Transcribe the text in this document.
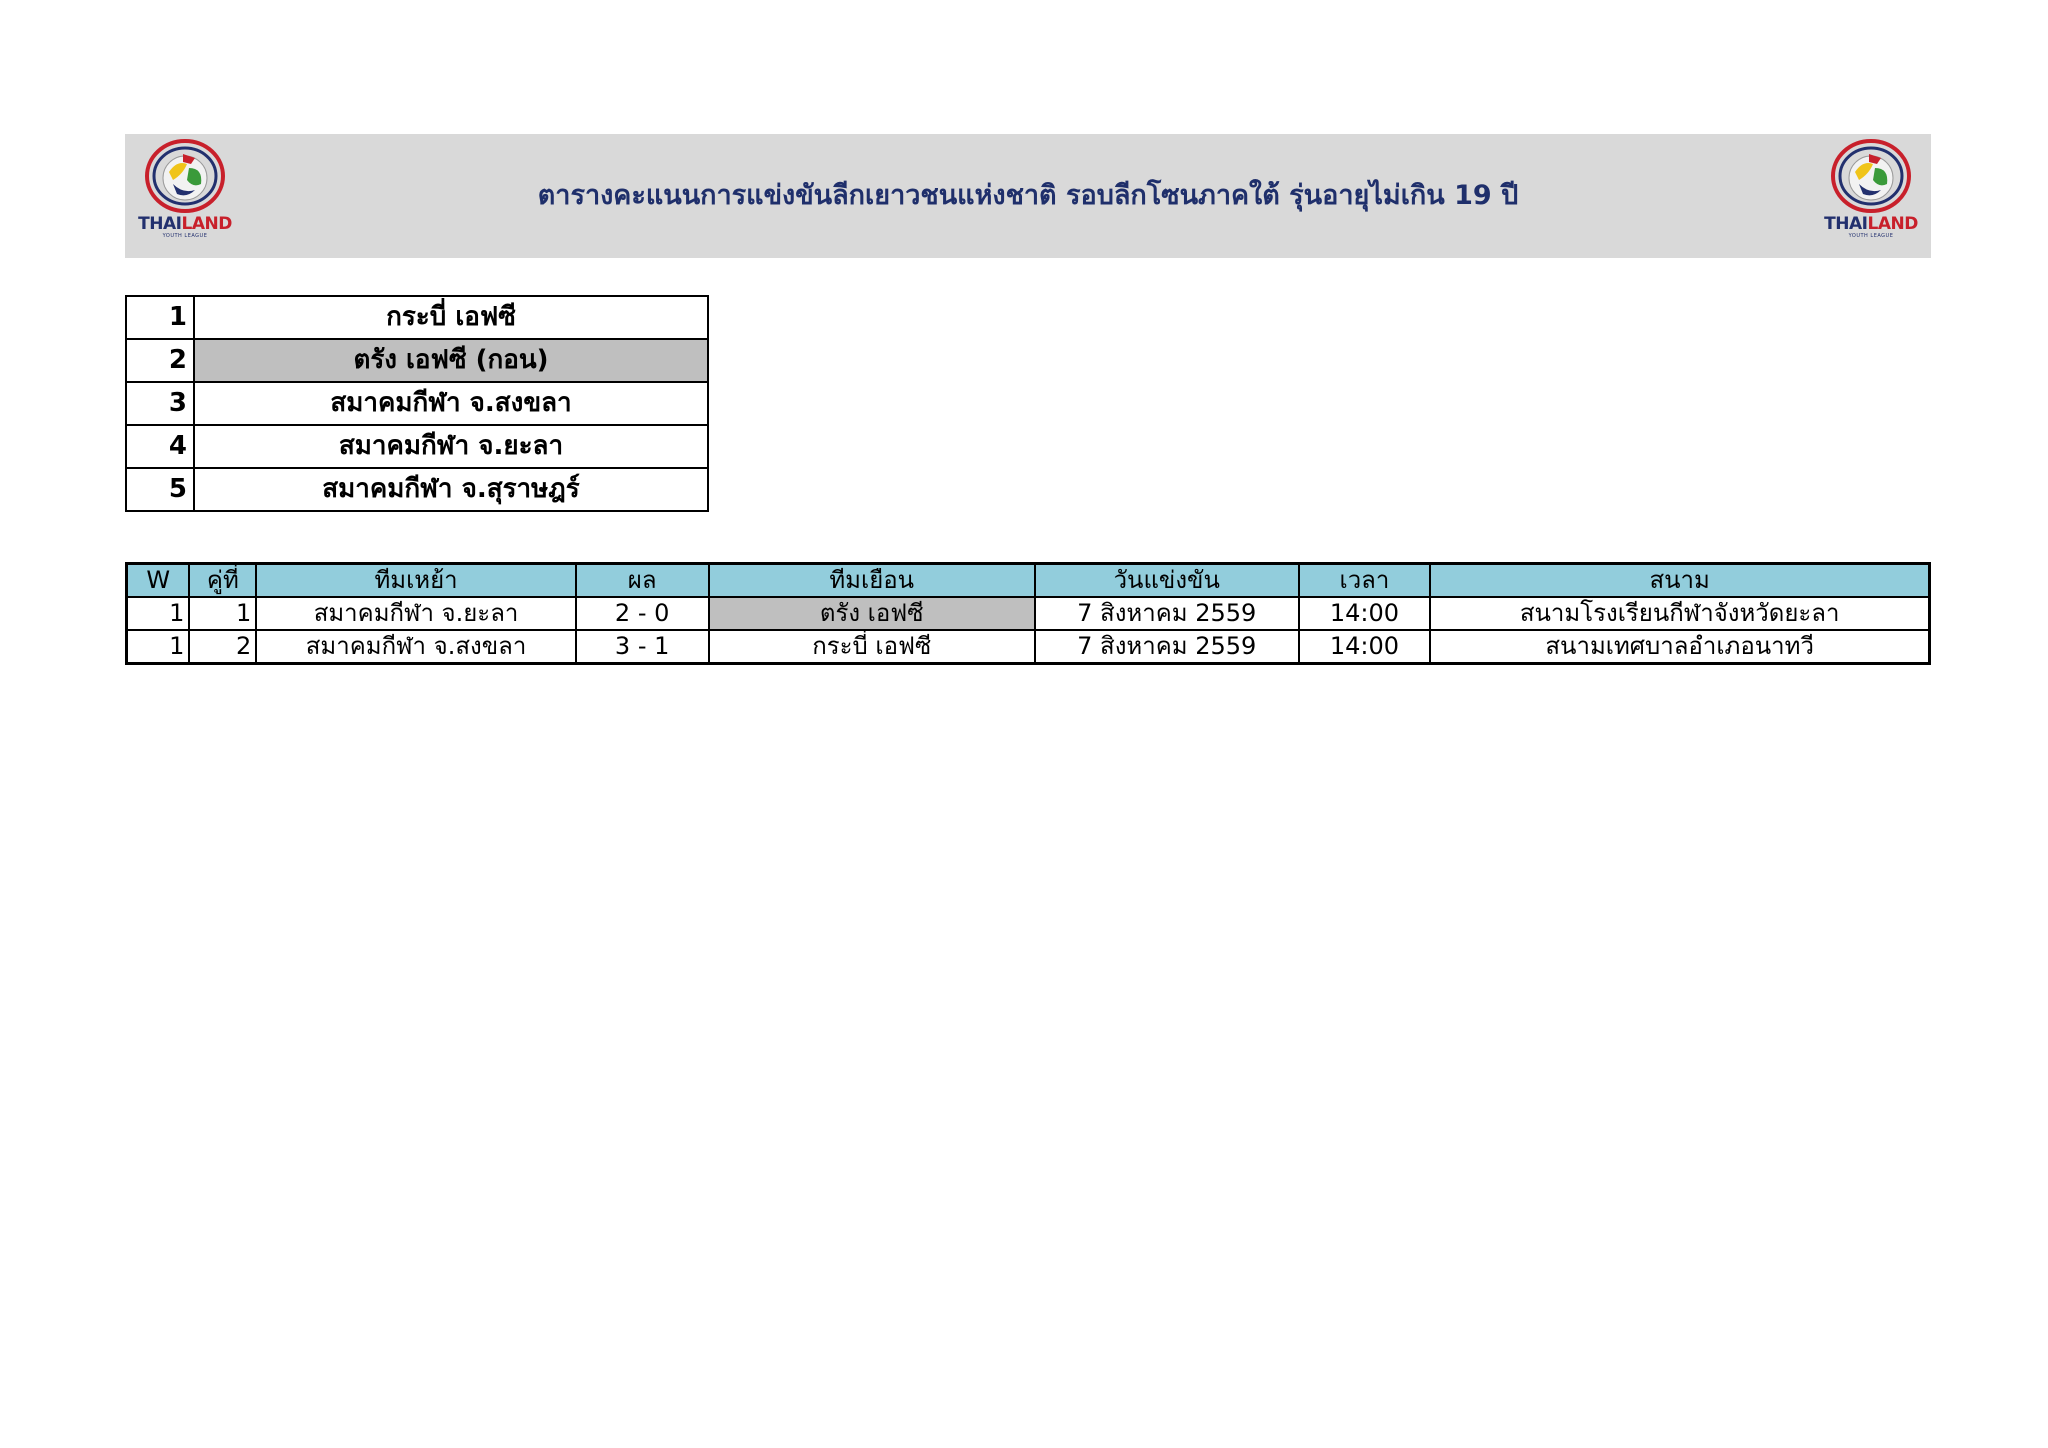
THAILAND
YOUTH LEAGUE
ตารางคะแนนการแข่งขันลีกเยาวชนแห่งชาติ รอบลีกโซนภาคใต้ รุ่นอายุไม่เกิน 19 ปี
THAILAND
YOUTH LEAGUE
1	กระบี่ เอฟซี
2	ตรัง เอฟซี (กอน)
3	สมาคมกีฬา จ.สงขลา
4	สมาคมกีฬา จ.ยะลา
5	สมาคมกีฬา จ.สุราษฎร์
W	คู่ที่	ทีมเหย้า	ผล	ทีมเยือน	วันแข่งขัน	เวลา	สนาม
1	1	สมาคมกีฬา จ.ยะลา	2 - 0	ตรัง เอฟซี	7 สิงหาคม 2559	14:00	สนามโรงเรียนกีฬาจังหวัดยะลา
1	2	สมาคมกีฬา จ.สงขลา	3 - 1	กระบี่ เอฟซี	7 สิงหาคม 2559	14:00	สนามเทศบาลอำเภอนาทวี
